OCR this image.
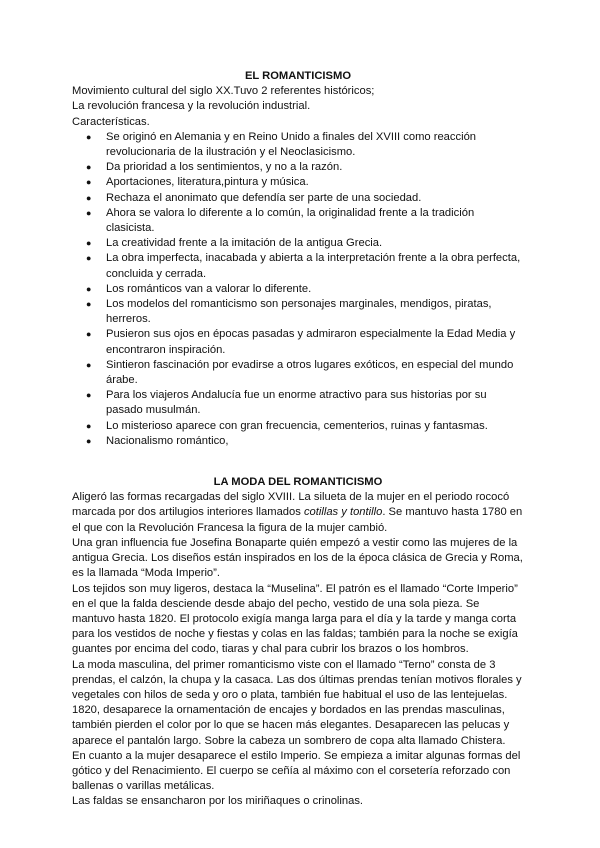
EL ROMANTICISMO

Movimiento cultural del siglo XX.Tuvo 2 referentes históricos;

La revolución francesa y la revolución industrial.

Características.

● Se originó en Alemania y en Reino Unido a finales del XVIII como reacción revolucionaria de la ilustración y el Neoclasicismo.
● Da prioridad a los sentimientos, y no a la razón.
● Aportaciones, literatura,pintura y música.
● Rechaza el anonimato que defendía ser parte de una sociedad.
● Ahora se valora lo diferente a lo común, la originalidad frente a la tradición clasicista.
● La creatividad frente a la imitación de la antigua Grecia.
● La obra imperfecta, inacabada y abierta a la interpretación frente a la obra perfecta, concluida y cerrada.
● Los románticos van a valorar lo diferente.
● Los modelos del romanticismo son personajes marginales, mendigos, piratas, herreros.
● Pusieron sus ojos en épocas pasadas y admiraron especialmente la Edad Media y encontraron inspiración.
● Sintieron fascinación por evadirse a otros lugares exóticos, en especial del mundo árabe.
● Para los viajeros Andalucía fue un enorme atractivo para sus historias por su pasado musulmán.
● Lo misterioso aparece con gran frecuencia, cementerios, ruinas y fantasmas.
● Nacionalismo romántico,

LA MODA DEL ROMANTICISMO

Aligeró las formas recargadas del siglo XVIII. La silueta de la mujer en el periodo rococó marcada por dos artilugios interiores llamados cotillas y tontillo. Se mantuvo hasta 1780 en el que con la Revolución Francesa la figura de la mujer cambió.

Una gran influencia fue Josefina Bonaparte quién empezó a vestir como las mujeres de la antigua Grecia. Los diseños están inspirados en los de la época clásica de Grecia y Roma, es la llamada “Moda Imperio”.

Los tejidos son muy ligeros, destaca la “Muselina”. El patrón es el llamado “Corte Imperio” en el que la falda desciende desde abajo del pecho, vestido de una sola pieza. Se mantuvo hasta 1820. El protocolo exigía manga larga para el día y la tarde y manga corta para los vestidos de noche y fiestas y colas en las faldas; también para la noche se exigía guantes por encima del codo, tiaras y chal para cubrir los brazos o los hombros.

La moda masculina, del primer romanticismo viste con el llamado “Terno” consta de 3 prendas, el calzón, la chupa y la casaca. Las dos últimas prendas tenían motivos florales y vegetales con hilos de seda y oro o plata, también fue habitual el uso de las lentejuelas. 1820, desaparece la ornamentación de encajes y bordados en las prendas masculinas, también pierden el color por lo que se hacen más elegantes. Desaparecen las pelucas y aparece el pantalón largo. Sobre la cabeza un sombrero de copa alta llamado Chistera.

En cuanto a la mujer desaparece el estilo Imperio. Se empieza a imitar algunas formas del gótico y del Renacimiento. El cuerpo se ceñía al máximo con el corsetería reforzado con ballenas o varillas metálicas.

Las faldas se ensancharon por los miriñaques o crinolinas.
